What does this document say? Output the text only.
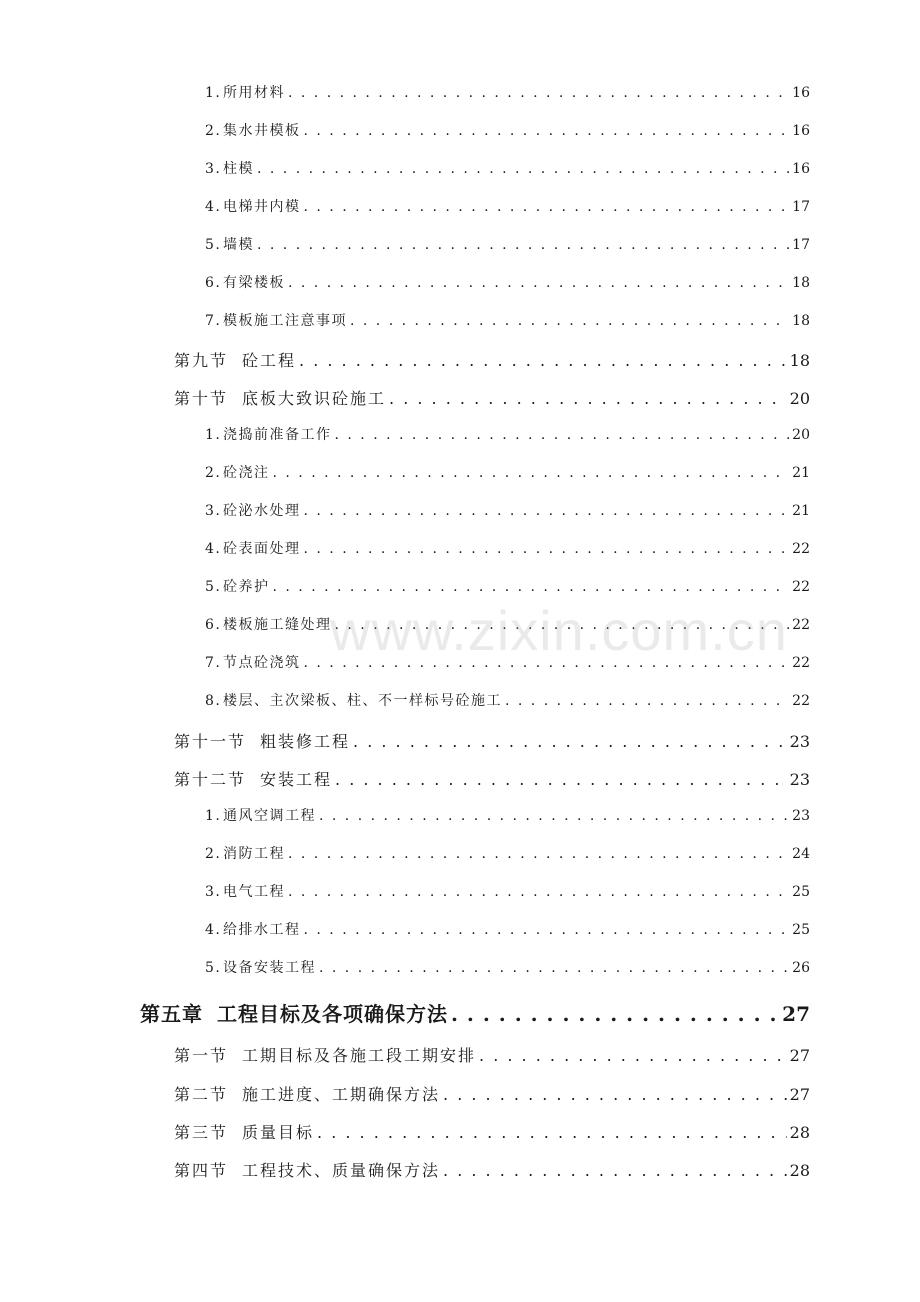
1. 所用材料 . . .	16
2. 集水井模板 . . .	16
3. 柱模 . . .	16
4. 电梯井内模 . . .	17
5. 墙模 . . .	17
6. 有梁楼板 . . .	18
7. 模板施工注意事项 . . .	18
第九节 砼工程 . . .	18
第十节 底板大致识砼施工 . . .	20
1. 浇捣前准备工作 . . .	20
2. 砼浇注 . . .	21
3. 砼泌水处理 . . .	21
4. 砼表面处理 . . .	22
5. 砼养护 . . .	22
6. 楼板施工缝处理 . . .	22
7. 节点砼浇筑 . . .	22
8. 楼层、主次梁板、柱、不一样标号砼施工 . . .	22
第十一节 粗装修工程 . . .	23
第十二节 安装工程 . . .	23
1. 通风空调工程 . . .	23
2. 消防工程 . . .	24
3. 电气工程 . . .	25
4. 给排水工程 . . .	25
5. 设备安装工程 . . .	26
第五章 工程目标及各项确保方法 . . .	27
第一节 工期目标及各施工段工期安排 . . .	27
第二节 施工进度、工期确保方法 . . .	27
第三节 质量目标 . . .	28
第四节 工程技术、质量确保方法 . . .	28
www.zixin.com.cn
